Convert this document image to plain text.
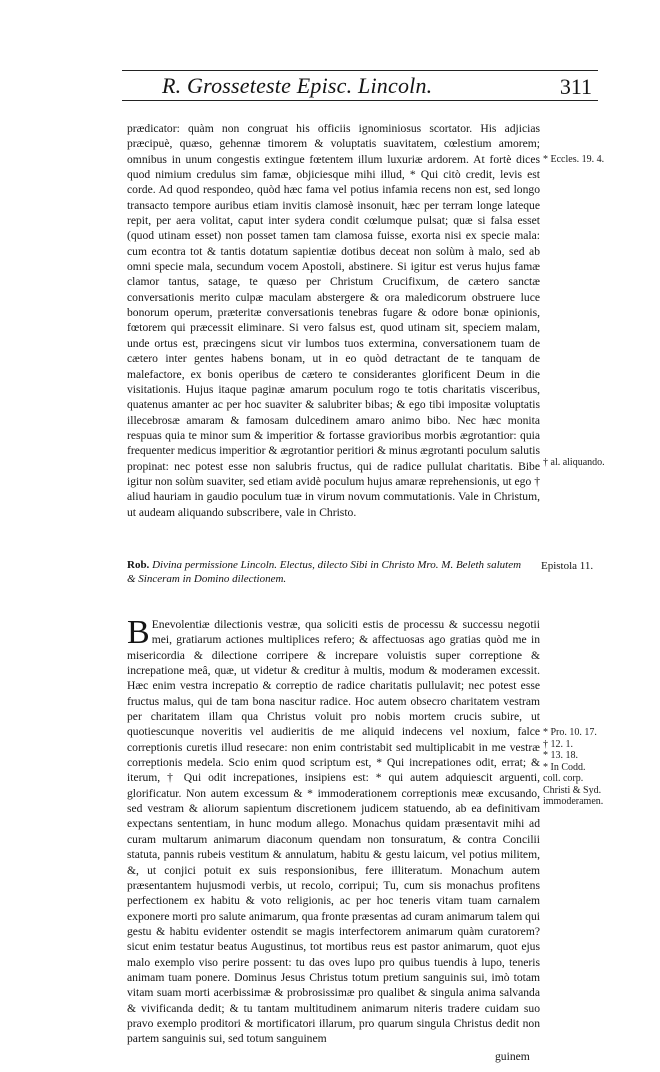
R. Grosseteste Episc. Lincoln.	311

prædicator: quàm non congruat his officiis ignominiosus scortator. His adjicias præcipuè, quæso, gehennæ timorem & voluptatis suavitatem, cœlestium amorem; omnibus in unum congestis extingue fœtentem illum luxuriæ ardorem. At fortè dices quod nimium credulus sim famæ, objiciesque mihi illud, * Qui citò credit, levis est corde. Ad quod respondeo, quòd hæc fama vel potius infamia recens non est, sed longo transacto tempore auribus etiam invitis clamosè insonuit, hæc per terram longe lateque repit, per aera volitat, caput inter sydera condit cœlumque pulsat; quæ si falsa esset (quod utinam esset) non posset tamen tam clamosa fuisse, exorta nisi ex specie mala: cum econtra tot & tantis dotatum sapientiæ dotibus deceat non solùm à malo, sed ab omni specie mala, secundum vocem Apostoli, abstinere. Si igitur est verus hujus famæ clamor tantus, satage, te quæso per Christum Crucifixum, de cætero sanctæ conversationis merito culpæ maculam abstergere & ora maledicorum obstruere luce bonorum operum, præteritæ conversationis tenebras fugare & odore bonæ opinionis, fœtorem qui præcessit eliminare. Si vero falsus est, quod utinam sit, speciem malam, unde ortus est, præcingens sicut vir lumbos tuos extermina, conversationem tuam de cætero inter gentes habens bonam, ut in eo quòd detractant de te tanquam de malefactore, ex bonis operibus de cætero te considerantes glorificent Deum in die visitationis. Hujus itaque paginæ amarum poculum rogo te totis charitatis visceribus, quatenus amanter ac per hoc suaviter & salubriter bibas; & ego tibi impositæ voluptatis illecebrosæ amaram & famosam dulcedinem amaro animo bibo. Nec hæc monita respuas quia te minor sum & imperitior & fortasse gravioribus morbis ægrotantior: quia frequenter medicus imperitior & ægrotantior peritiori & minus ægrotanti poculum salutis propinat: nec potest esse non salubris fructus, qui de radice pullulat charitatis. Bibe igitur non solùm suaviter, sed etiam avidè poculum hujus amaræ reprehensionis, ut ego † aliud hauriam in gaudio poculum tuæ in virum novum commutationis. Vale in Christum, ut audeam aliquando subscribere, vale in Christo.

* Eccles. 19. 4.
† al. aliquando.
Rob. Divina permissione Lincoln. Electus, dilecto Sibi in Christo Mro. M. Beleth salutem & Sinceram in Domino dilectionem.
Epistola 11.
B Enevolentiæ dilectionis vestræ, qua soliciti estis de processu & successu negotii mei, gratiarum actiones multiplices refero; & affectuosas ago gratias quòd me in misericordia & dilectione corripere & increpare voluistis super correptione & increpatione meâ, quæ, ut videtur & creditur à multis, modum & moderamen excessit. Hæc enim vestra increpatio & correptio de radice charitatis pullulavit; nec potest esse fructus malus, qui de tam bona nascitur radice. Hoc autem obsecro charitatem vestram per charitatem illam qua Christus voluit pro nobis mortem crucis subire, ut quotiescunque noveritis vel audieritis de me aliquid indecens vel noxium, falce correptionis curetis illud resecare: non enim contristabit sed multiplicabit in me vestræ correptionis medela. Scio enim quod scriptum est, * Qui increpationes odit, errat; & iterum, † Qui odit increpationes, insipiens est: * qui autem adquiescit arguenti, glorificatur. Non autem excessum & * immoderationem correptionis meæ excusando, sed vestram & aliorum sapientum discretionem judicem statuendo, ab ea definitivam expectans sententiam, in hunc modum allego. Monachus quidam præsentavit mihi ad curam multarum animarum diaconum quendam non tonsuratum, & contra Concilii statuta, pannis rubeis vestitum & annulatum, habitu & gestu laicum, vel potius militem, &, ut conjici potuit ex suis responsionibus, fere illiteratum. Monachum autem præsentantem hujusmodi verbis, ut recolo, corripui; Tu, cum sis monachus profitens perfectionem ex habitu & voto religionis, ac per hoc teneris vitam tuam carnalem exponere morti pro salute animarum, qua fronte præsentas ad curam animarum talem qui gestu & habitu evidenter ostendit se magis interfectorem animarum quàm curatorem? sicut enim testatur beatus Augustinus, tot mortibus reus est pastor animarum, quot ejus malo exemplo viso perire possent: tu das oves lupo pro quibus tuendis à lupo, teneris animam tuam ponere. Dominus Jesus Christus totum pretium sanguinis sui, imò totam vitam suam morti acerbissimæ & probrosissimæ pro qualibet & singula anima salvanda & vivificanda dedit; & tu tantam multitudinem animarum niteris tradere cuidam suo pravo exemplo proditori & mortificatori illarum, pro quarum singula Christus dedit non partem sanguinis sui, sed totum sanguinem

* Pro. 10. 17.
† 12. 1.
* 13. 18.
* In Codd.
coll. corp.
Christi & Syd.
immoderamen.
guinem
